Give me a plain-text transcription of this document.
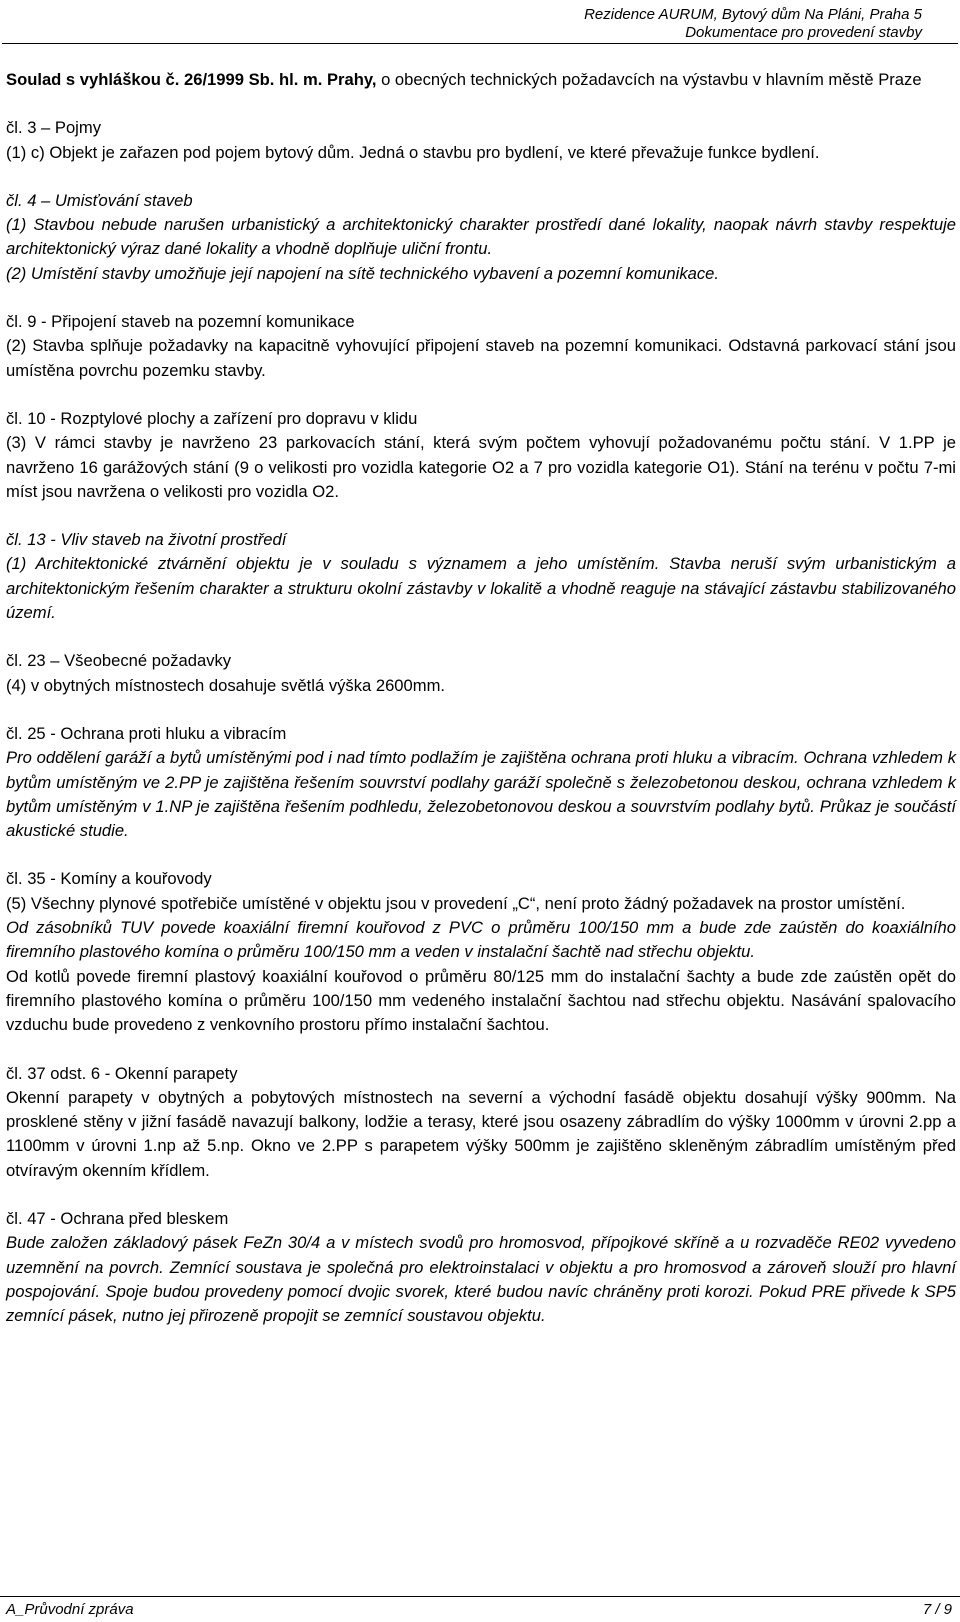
Rezidence AURUM, Bytový dům Na Pláni, Praha 5
Dokumentace pro provedení stavby
Soulad s vyhláškou č. 26/1999 Sb. hl. m. Prahy, o obecných technických požadavcích na výstavbu v hlavním městě Praze
čl. 3 – Pojmy
(1) c) Objekt je zařazen pod pojem bytový dům. Jedná o stavbu pro bydlení, ve které převažuje funkce bydlení.
čl. 4 – Umisťování staveb
(1) Stavbou nebude narušen urbanistický a architektonický charakter prostředí dané lokality, naopak návrh stavby respektuje architektonický výraz dané lokality a vhodně doplňuje uliční frontu.
(2) Umístění stavby umožňuje její napojení na sítě technického vybavení a pozemní komunikace.
čl. 9 - Připojení staveb na pozemní komunikace
(2) Stavba splňuje požadavky na kapacitně vyhovující připojení staveb na pozemní komunikaci. Odstavná parkovací stání jsou umístěna povrchu pozemku stavby.
čl. 10 - Rozptylové plochy a zařízení pro dopravu v klidu
(3) V rámci stavby je navrženo 23 parkovacích stání, která svým počtem vyhovují požadovanému počtu stání. V 1.PP je navrženo 16 garážových stání (9 o velikosti pro vozidla kategorie O2 a 7 pro vozidla kategorie O1). Stání na terénu v počtu 7-mi míst jsou navržena o velikosti pro vozidla O2.
čl. 13 - Vliv staveb na životní prostředí
(1) Architektonické ztvárnění objektu je v souladu s významem a jeho umístěním. Stavba neruší svým urbanistickým a architektonickým řešením charakter a strukturu okolní zástavby v lokalitě a vhodně reaguje na stávající zástavbu stabilizovaného území.
čl. 23 – Všeobecné požadavky
(4) v obytných místnostech dosahuje světlá výška 2600mm.
čl. 25 - Ochrana proti hluku a vibracím
Pro oddělení garáží a bytů umístěnými pod i nad tímto podlažím je zajištěna ochrana proti hluku a vibracím. Ochrana vzhledem k bytům umístěným ve 2.PP je zajištěna řešením souvrství podlahy garáží společně s železobetonou deskou, ochrana vzhledem k bytům umístěným v 1.NP je zajištěna řešením podhledu, železobetonovou deskou a souvrstvím podlahy bytů. Průkaz je součástí akustické studie.
čl. 35 - Komíny a kouřovody
(5) Všechny plynové spotřebiče umístěné v objektu jsou v provedení „C“, není proto žádný požadavek na prostor umístění.
Od zásobníků TUV povede koaxiální firemní kouřovod z PVC o průměru 100/150 mm a bude zde zaústěn do koaxiálního firemního plastového komína o průměru 100/150 mm a veden v instalační šachtě nad střechu objektu.
Od kotlů povede firemní plastový koaxiální kouřovod o průměru 80/125 mm do instalační šachty a bude zde zaústěn opět do firemního plastového komína o průměru 100/150 mm vedeného instalační šachtou nad střechu objektu. Nasávání spalovacího vzduchu bude provedeno z venkovního prostoru přímo instalační šachtou.
čl. 37 odst. 6 - Okenní parapety
Okenní parapety v obytných a pobytových místnostech na severní a východní fasádě objektu dosahují výšky 900mm. Na prosklené stěny v jižní fasádě navazují balkony, lodžie a terasy, které jsou osazeny zábradlím do výšky 1000mm v úrovni 2.pp a 1100mm v úrovni 1.np až 5.np. Okno ve 2.PP s parapetem výšky 500mm je zajištěno skleněným zábradlím umístěným před otvíravým okenním křídlem.
čl. 47 - Ochrana před bleskem
Bude založen základový pásek FeZn 30/4 a v místech svodů pro hromosvod, přípojkové skříně a u rozvaděče RE02 vyvedeno uzemnění na povrch. Zemnící soustava je společná pro elektroinstalaci v objektu a pro hromosvod a zároveň slouží pro hlavní pospojování. Spoje budou provedeny pomocí dvojic svorek, které budou navíc chráněny proti korozi. Pokud PRE přivede k SP5 zemnící pásek, nutno jej přirozeně propojit se zemnící soustavou objektu.
A_Průvodní zpráva	7 / 9
